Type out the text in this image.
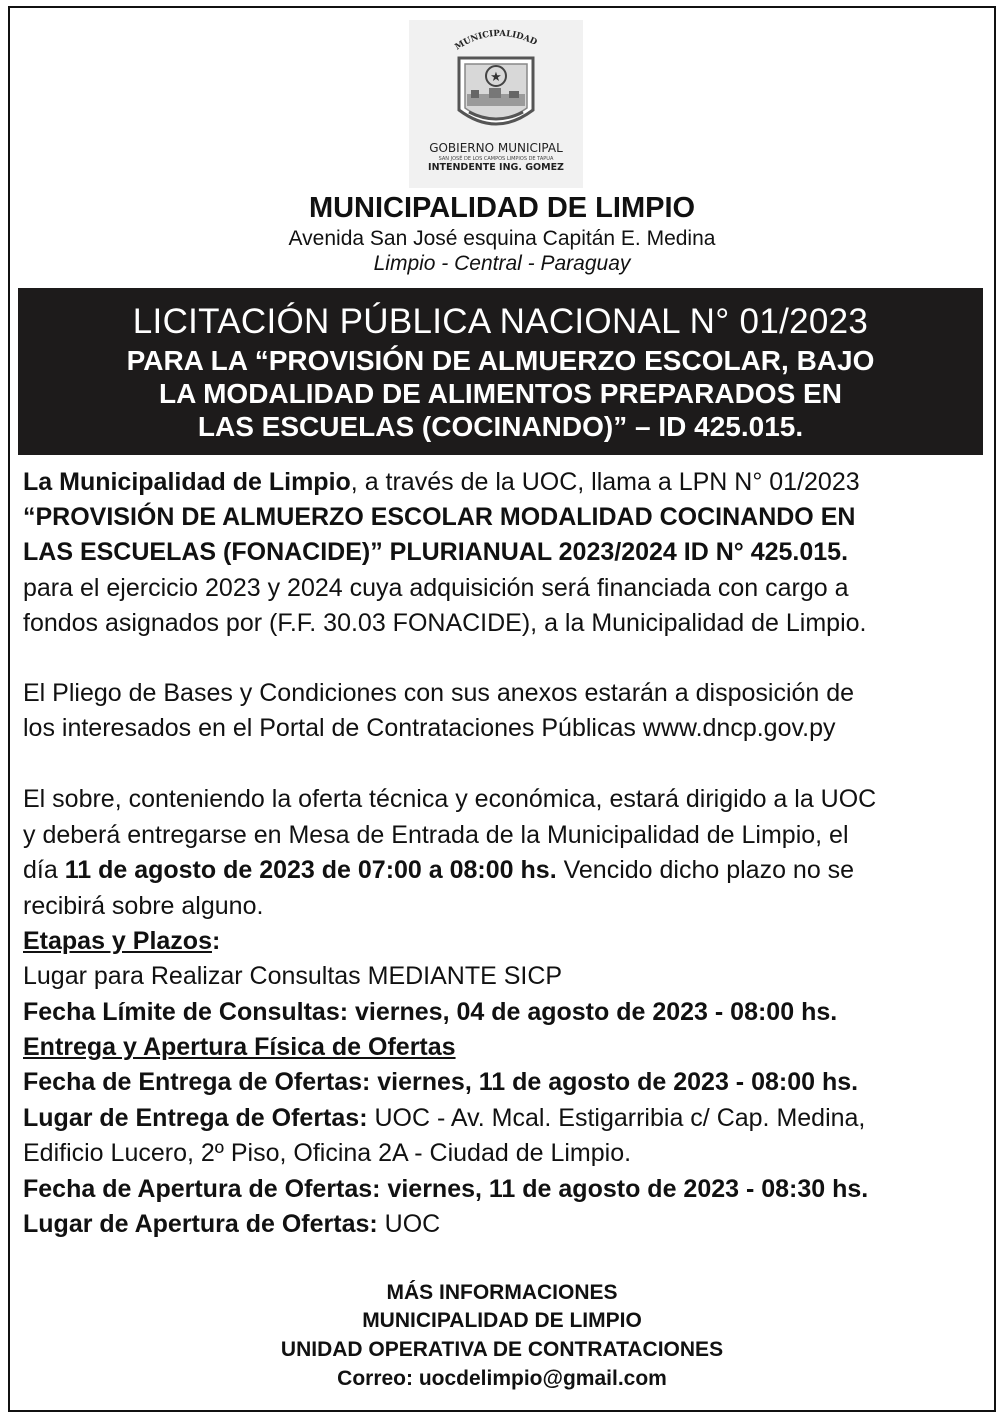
MUNICIPALIDAD
★
GOBIERNO MUNICIPAL
SAN JOSÉ DE LOS CAMPOS LIMPIOS DE TAPUA
INTENDENTE ING. GOMEZ
MUNICIPALIDAD DE LIMPIO
Avenida San José esquina Capitán E. Medina
Limpio - Central - Paraguay
LICITACIÓN PÚBLICA NACIONAL N° 01/2023
PARA LA “PROVISIÓN DE ALMUERZO ESCOLAR, BAJO
LA MODALIDAD DE ALIMENTOS PREPARADOS EN
LAS ESCUELAS (COCINANDO)” – ID 425.015.
La Municipalidad de Limpio, a través de la UOC, llama a LPN N° 01/2023
“PROVISIÓN DE ALMUERZO ESCOLAR MODALIDAD COCINANDO EN
LAS ESCUELAS (FONACIDE)” PLURIANUAL 2023/2024 ID N° 425.015.
para el ejercicio 2023 y 2024 cuya adquisición será financiada con cargo a
fondos asignados por (F.F. 30.03 FONACIDE), a la Municipalidad de Limpio.
El Pliego de Bases y Condiciones con sus anexos estarán a disposición de
los interesados en el Portal de Contrataciones Públicas www.dncp.gov.py
El sobre, conteniendo la oferta técnica y económica, estará dirigido a la UOC
y deberá entregarse en Mesa de Entrada de la Municipalidad de Limpio, el
día 11 de agosto de 2023 de 07:00 a 08:00 hs. Vencido dicho plazo no se
recibirá sobre alguno.
Etapas y Plazos:
Lugar para Realizar Consultas MEDIANTE SICP
Fecha Límite de Consultas: viernes, 04 de agosto de 2023 - 08:00 hs.
Entrega y Apertura Física de Ofertas
Fecha de Entrega de Ofertas: viernes, 11 de agosto de 2023 - 08:00 hs.
Lugar de Entrega de Ofertas: UOC - Av. Mcal. Estigarribia c/ Cap. Medina,
Edificio Lucero, 2º Piso, Oficina 2A - Ciudad de Limpio.
Fecha de Apertura de Ofertas: viernes, 11 de agosto de 2023 - 08:30 hs.
Lugar de Apertura de Ofertas: UOC
MÁS INFORMACIONES
MUNICIPALIDAD DE LIMPIO
UNIDAD OPERATIVA DE CONTRATACIONES
Correo: uocdelimpio@gmail.com
